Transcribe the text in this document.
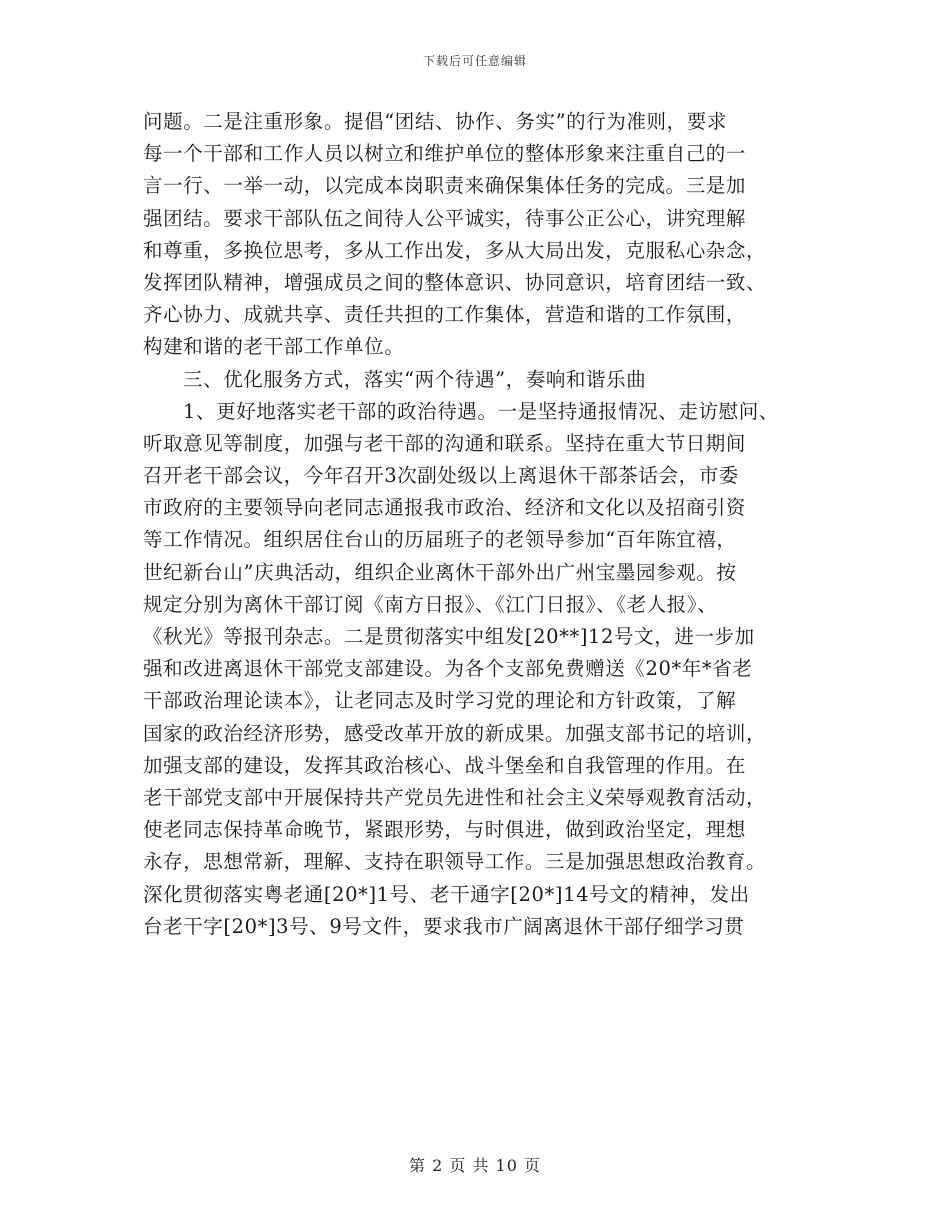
下载后可任意编辑
问题。二是注重形象。提倡“团结、协作、务实”的行为准则，要求
每一个干部和工作人员以树立和维护单位的整体形象来注重自己的一
言一行、一举一动，以完成本岗职责来确保集体任务的完成。三是加
强团结。要求干部队伍之间待人公平诚实，待事公正公心，讲究理解
和尊重，多换位思考，多从工作出发，多从大局出发，克服私心杂念，
发挥团队精神，增强成员之间的整体意识、协同意识，培育团结一致、
齐心协力、成就共享、责任共担的工作集体，营造和谐的工作氛围，
构建和谐的老干部工作单位。
三、优化服务方式，落实“两个待遇”，奏响和谐乐曲
1、更好地落实老干部的政治待遇。一是坚持通报情况、走访慰问、
听取意见等制度，加强与老干部的沟通和联系。坚持在重大节日期间
召开老干部会议，今年召开3次副处级以上离退休干部茶话会，市委
市政府的主要领导向老同志通报我市政治、经济和文化以及招商引资
等工作情况。组织居住台山的历届班子的老领导参加“百年陈宜禧，
世纪新台山”庆典活动，组织企业离休干部外出广州宝墨园参观。按
规定分别为离休干部订阅《南方日报》、《江门日报》、《老人报》、
《秋光》等报刊杂志。二是贯彻落实中组发[20**]12号文，进一步加
强和改进离退休干部党支部建设。为各个支部免费赠送《20*年*省老
干部政治理论读本》，让老同志及时学习党的理论和方针政策，了解
国家的政治经济形势，感受改革开放的新成果。加强支部书记的培训，
加强支部的建设，发挥其政治核心、战斗堡垒和自我管理的作用。在
老干部党支部中开展保持共产党员先进性和社会主义荣辱观教育活动，
使老同志保持革命晚节，紧跟形势，与时俱进，做到政治坚定，理想
永存，思想常新，理解、支持在职领导工作。三是加强思想政治教育。
深化贯彻落实粤老通[20*]1号、老干通字[20*]14号文的精神，发出
台老干字[20*]3号、9号文件，要求我市广阔离退休干部仔细学习贯
第 2 页 共 10 页
